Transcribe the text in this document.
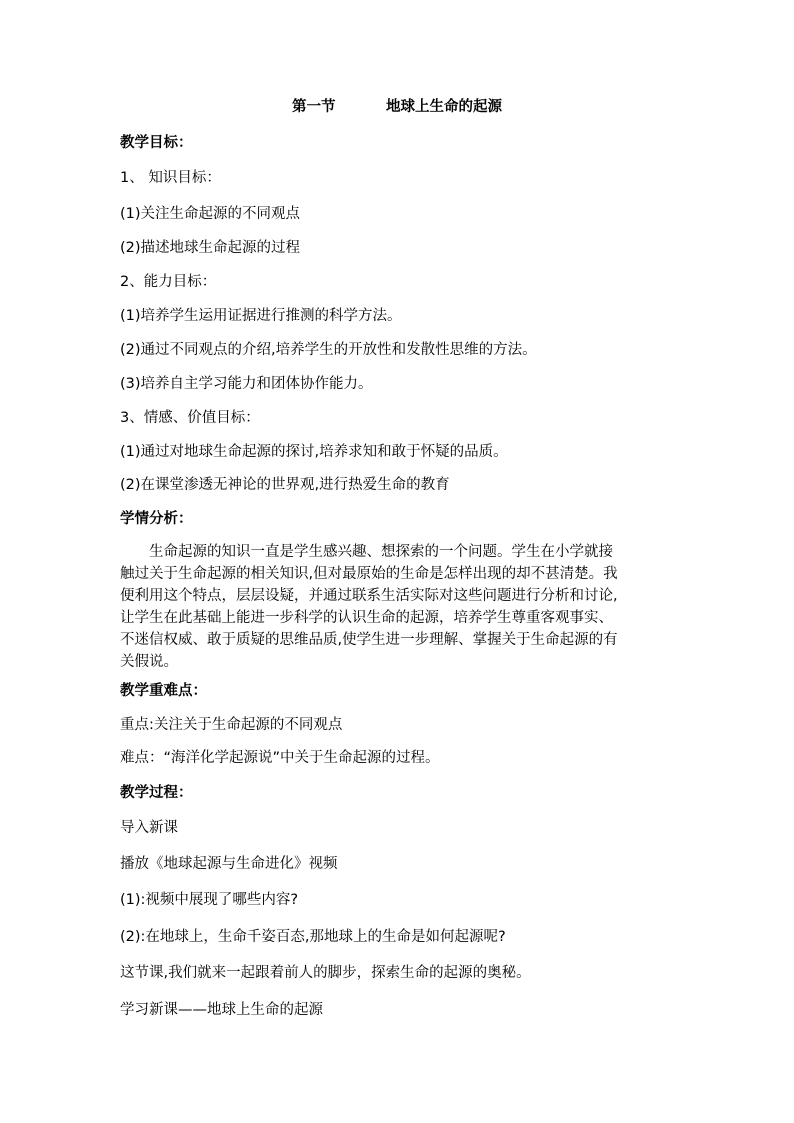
第一节          地球上生命的起源
教学目标：
1、 知识目标：
(1)关注生命起源的不同观点
(2)描述地球生命起源的过程
2、能力目标：
(1)培养学生运用证据进行推测的科学方法。
(2)通过不同观点的介绍,培养学生的开放性和发散性思维的方法。
(3)培养自主学习能力和团体协作能力。
3、情感、价值目标：
(1)通过对地球生命起源的探讨,培养求知和敢于怀疑的品质。
(2)在课堂渗透无神论的世界观,进行热爱生命的教育
学情分析：
　　生命起源的知识一直是学生感兴趣、想探索的一个问题。学生在小学就接
触过关于生命起源的相关知识,但对最原始的生命是怎样出现的却不甚清楚。我
便利用这个特点，层层设疑，并通过联系生活实际对这些问题进行分析和讨论,
让学生在此基础上能进一步科学的认识生命的起源，培养学生尊重客观事实、
不迷信权威、敢于质疑的思维品质,使学生进一步理解、掌握关于生命起源的有
关假说。
教学重难点：
重点:关注关于生命起源的不同观点
难点：“海洋化学起源说”中关于生命起源的过程。
教学过程：
导入新课
播放《地球起源与生命进化》视频
(1):视频中展现了哪些内容?
(2):在地球上，生命千姿百态,那地球上的生命是如何起源呢?
这节课,我们就来一起跟着前人的脚步，探索生命的起源的奥秘。
学习新课——地球上生命的起源
